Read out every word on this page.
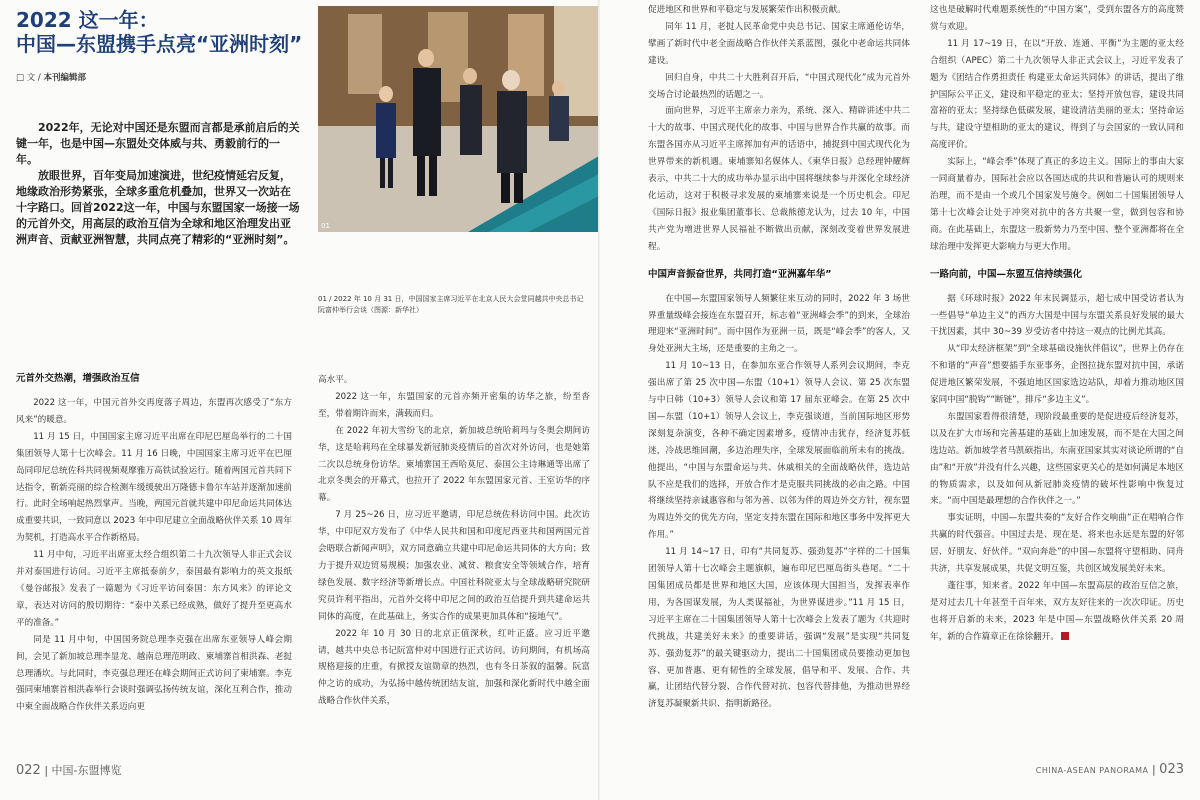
2022 这一年：
中国—东盟携手点亮“亚洲时刻”
□ 文 / 本刊编辑部

2022年，无论对中国还是东盟而言都是承前启后的关键一年，也是中国—东盟处交体威与共、勇毅前行的一年。

放眼世界，百年变局加速演进，世纪疫情延宕反复，地缘政治形势紧张，全球多重危机叠加，世界又一次站在十字路口。回首2022这一年，中国与东盟国家一场接一场的元首外交，用高层的政治互信为全球和地区治理发出亚洲声音、贡献亚洲智慧，共同点亮了精彩的“亚洲时刻”。

01
01 / 2022 年 10 月 31 日，中国国家主席习近平在北京人民大会堂同越共中央总书记阮富仲举行会谈（图源：新华社）
元首外交热潮，增强政治互信

2022 这一年，中国元首外交再度落子周边，东盟再次感受了“东方风来”的暖意。

11 月 15 日，中国国家主席习近平出席在印尼巴厘岛举行的二十国集团领导人第十七次峰会。11 月 16 日晚，中国国家主席习近平在巴厘岛同印尼总统佐科共同视频观摩雅万高铁试验运行。随着两国元首共同下达指令，靳新亮丽的综合检测车缓缓驶出万隆德卡鲁尔车站并逐渐加速前行。此时全场响起热烈掌声。当晚，两国元首就共建中印尼命运共同体达成重要共识，一致同意以 2023 年中印尼建立全面战略伙伴关系 10 周年为契机，打造高水平合作新格局。

11 月中旬，习近平出席亚太经合组织第二十九次领导人非正式会议并对泰国进行访问。习近平主席抵泰前夕，泰国最有影响力的英文报纸《曼谷邮报》发表了一篇题为《习近平访问泰国：东方风来》的评论文章，表达对访问的殷切期待：“泰中关系已经成熟，做好了提升至更高水平的准备。”

同是 11 月中旬，中国国务院总理李克强在出席东亚领导人峰会期间，会见了新加坡总理李显龙、越南总理范明政、柬埔寨首相洪森、老挝总理潘坎。与此同时，李克强总理还在峰会期间正式访问了柬埔寨。李克强同柬埔寨首相洪森举行会谈时强调弘扬传统友谊，深化互利合作，推动中柬全面战略合作伙伴关系迈向更

高水平。

2022 这一年，东盟国家的元首亦频开密集的访华之旅，纷至沓至，带着期许而来，满载而归。

在 2022 年初大雪纷飞的北京，新加坡总统哈莉玛与冬奥会期间访华，这是哈莉玛在全球暴发新冠肺炎疫情后的首次对外访问，也是她第二次以总统身份访华。柬埔寨国王西哈莫尼、泰国公主诗琳通等出席了北京冬奥会的开幕式，也拉开了 2022 年东盟国家元首、王室访华的序幕。

7 月 25~26 日，应习近平邀请，印尼总统佐科访问中国。此次访华，中印尼双方发布了《中华人民共和国和印度尼西亚共和国两国元首会晤联合新闻声明》，双方同意确立共建中印尼命运共同体的大方向；致力于提升双边贸易规模；加强农业、减贫、粮食安全等领域合作，培育绿色发展、数字经济等新增长点。中国社科院亚太与全球战略研究院研究员许利平指出，元首外交将中印尼之间的政治互信提升到共建命运共同体的高度，在此基础上，务实合作的成果更加具体和“接地气”。

2022 年 10 月 30 日的北京正值深秋，红叶正盛。应习近平邀请，越共中央总书记阮富仲对中国进行正式访问。访问期间，有机场高规格迎接的庄重，有掀授友谊勋章的热烈，也有冬日茶叙的温馨。阮富仲之访的成功，为弘扬中越传统团结友谊，加强和深化新时代中越全面战略合作伙伴关系，

022 | 中国-东盟博览

促进地区和世界和平稳定与发展繁荣作出积极贡献。

同年 11 月，老挝人民革命党中央总书记、国家主席通伦访华，擘画了新时代中老全面战略合作伙伴关系蓝图，强化中老命运共同体建设。

回归自身，中共二十大胜利召开后，“中国式现代化”成为元首外交场合讨论最热烈的话题之一。

面向世界，习近平主席亲力亲为，系统、深入、精辟讲述中共二十大的故事、中国式现代化的故事、中国与世界合作共赢的故事。而东盟各国亦从习近平主席挥加有声的话语中，捕捉到中国式现代化为世界带来的新机遇。柬埔寨知名媒体人、《柬华日报》总经理钟耀辉表示，中共二十大的成功举办显示出中国将继续参与并深化全球经济化运动，这对于积极寻求发展的柬埔寨来说是一个历史机会。印尼《国际日报》报业集团董事长、总裁熊德龙认为，过去 10 年，中国共产党为增进世界人民福祉不断做出贡献，深刻改变着世界发展进程。

中国声音振奋世界，共同打造“亚洲嘉年华”

在中国—东盟国家领导人频繁往来互动的同时，2022 年 3 场世界重量级峰会接连在东盟召开，标志着“亚洲峰会季”的到来，全球治理迎来“亚洲时间”。而中国作为亚洲一员，既是“峰会季”的客人，又身处亚洲大主场，还是重要的主角之一。

11 月 10~13 日，在参加东亚合作领导人系列会议期间，李克强出席了第 25 次中国—东盟（10+1）领导人会议、第 25 次东盟与中日韩（10+3）领导人会议和第 17 届东亚峰会。在第 25 次中国—东盟（10+1）领导人会议上，李克强谈道，当前国际地区形势深刻复杂演变，各种不确定因素增多，疫情冲击犹存，经济复苏低迷，冷战思维回潮，多边治理失序，全球发展面临前所未有的挑战。他提出，“中国与东盟命运与共、休戚相关的全面战略伙伴，选边站队不应是我们的选择，开放合作才是克服共同挑战的必由之路。中国将继续坚持亲诚惠容和与邻为善、以邻为伴的周边外交方针，视东盟为周边外交的优先方向，坚定支持东盟在国际和地区事务中发挥更大作用。”

11 月 14~17 日，印有“共同复苏、强劲复苏”字样的二十国集团领导人第十七次峰会主题旗帜，遍布印尼巴厘岛街头巷尾。“二十国集团成员都是世界和地区大国，应该体现大国担当，发挥表率作用，为各国谋发展，为人类谋福祉，为世界谋进步。”11 月 15 日，习近平主席在二十国集团领导人第十七次峰会上发表了题为《共迎时代挑战，共建美好未来》的重要讲话，强调“发展”是实现“共同复苏、强劲复苏”的最关键驱动力，提出二十国集团成员要推动更加包容、更加普惠、更有韧性的全球发展，倡导和平、发展、合作、共赢，让团结代替分裂、合作代替对抗、包容代替排他，为推动世界经济复苏凝聚新共识、指明新路径。

这也是破解时代难题系统性的“中国方案”，受到东盟各方的高度赞赏与欢迎。

11 月 17~19 日，在以“开放、连通、平衡”为主题的亚太经合组织（APEC）第二十九次领导人非正式会议上，习近平发表了题为《团结合作勇担责任 构建亚太命运共同体》的讲话，提出了维护国际公平正义，建设和平稳定的亚太；坚持开放包容，建设共同富裕的亚太；坚持绿色低碳发展，建设清洁美丽的亚太；坚持命运与共，建设守望相助的亚太的建议，得到了与会国家的一致认同和高度评价。

实际上，“峰会季”体现了真正的多边主义。国际上的事由大家一同商量着办，国际社会应以各国达成的共识和普遍认可的规则来治理，而不是由一个或几个国家发号施令。例如二十国集团领导人第十七次峰会让处于冲突对抗中的各方共聚一堂，做到包容和协商。在此基础上，东盟这一股新势力乃至中国、整个亚洲都将在全球治理中发挥更大影响力与更大作用。

一路向前，中国—东盟互信持续强化

据《环球时报》2022 年末民调显示，超七成中国受访者认为一些倡导“单边主义”的西方大国是中国与东盟关系良好发展的最大干扰因素，其中 30~39 岁受访者中持这一观点的比例尤其高。

从“印太经济框架”到“全球基础设施伙伴倡议”，世界上仍存在不和谐的“声音”想要插手东亚事务，企图拉拢东盟对抗中国，承诺促进地区繁荣发展，不强迫地区国家选边站队，却着力推动地区国家同中国“脱钩”“断链”，排斥“多边主义”。

东盟国家看得很清楚，现阶段最重要的是促进疫后经济复苏，以及在扩大市场和完善基建的基础上加速发展，而不是在大国之间选边站。新加坡学者马凯硕指出，东南亚国家其实对谈论所谓的“自由”和“开放”并没有什么兴趣，这些国家更关心的是如何满足本地区的物质需求，以及如何从新冠肺炎疫情的破坏性影响中恢复过来。“而中国是最理想的合作伙伴之一。”

事实证明，中国—东盟共奏的“友好合作交响曲”正在唱响合作共赢的时代强音。中国过去是、现在是、将来也永远是东盟的好邻居、好朋友、好伙伴。“双向奔赴”的中国—东盟将守望相助、同舟共济，共享发展成果，共促文明互鉴，共创区域发展美好未来。

蓬往事，知来者。2022 年中国—东盟高层的政治互信之旅，是对过去几十年甚至千百年来，双方友好往来的一次次印证。历史也将开启新的未来，2023 年是中国—东盟战略伙伴关系 20 周年，新的合作篇章正在徐徐翻开。

CHINA-ASEAN PANORAMA | 023
